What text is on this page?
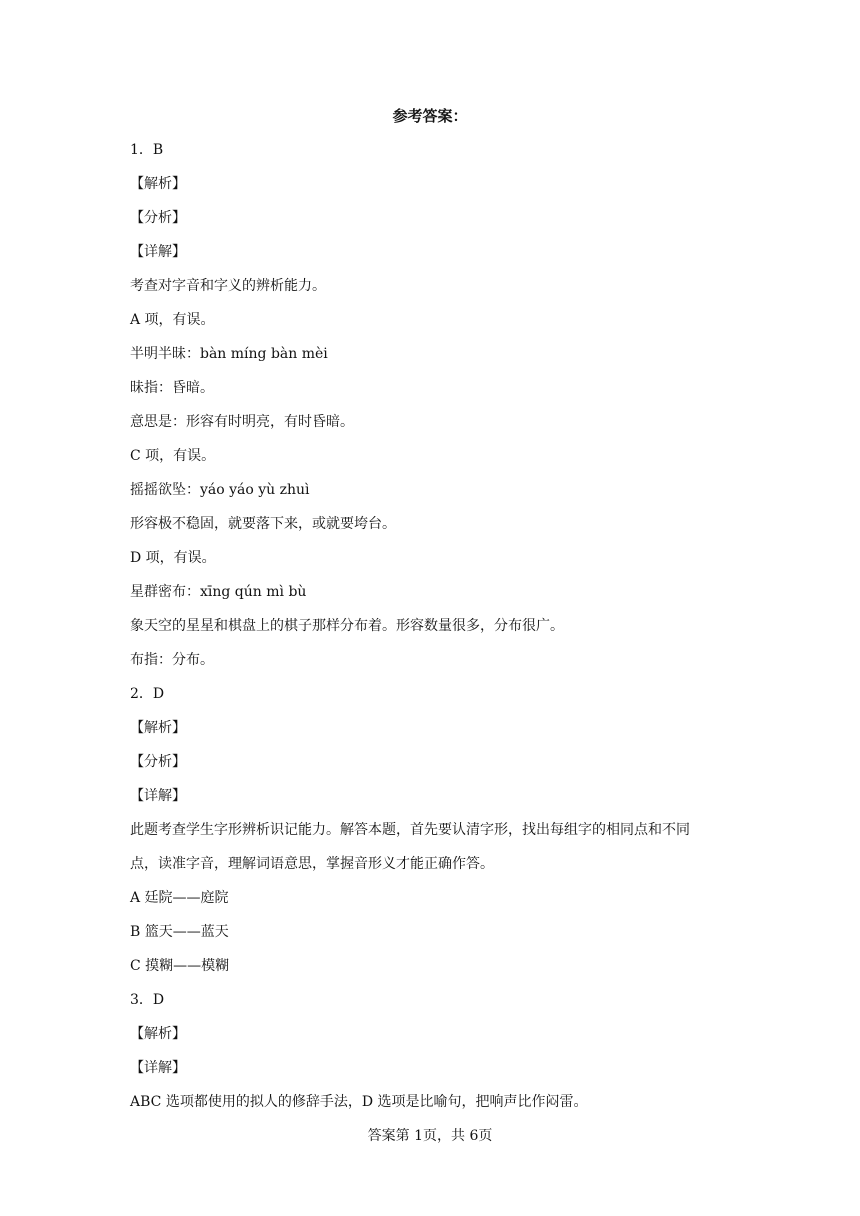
参考答案：
1．B
【解析】
【分析】
【详解】
考查对字音和字义的辨析能力。
A 项，有误。
半明半昧：bàn míng bàn mèi
昧指：昏暗。
意思是：形容有时明亮，有时昏暗。
C 项，有误。
摇摇欲坠：yáo yáo yù zhuì
形容极不稳固，就要落下来，或就要垮台。
D 项，有误。
星群密布：xīng qún mì bù
象天空的星星和棋盘上的棋子那样分布着。形容数量很多，分布很广。
布指：分布。
2．D
【解析】
【分析】
【详解】
此题考查学生字形辨析识记能力。解答本题，首先要认清字形，找出每组字的相同点和不同
点，读准字音，理解词语意思，掌握音形义才能正确作答。
A 廷院——庭院
B 篮天——蓝天
C 摸糊——模糊
3．D
【解析】
【详解】
ABC 选项都使用的拟人的修辞手法，D 选项是比喻句，把响声比作闷雷。
答案第 1页，共 6页
